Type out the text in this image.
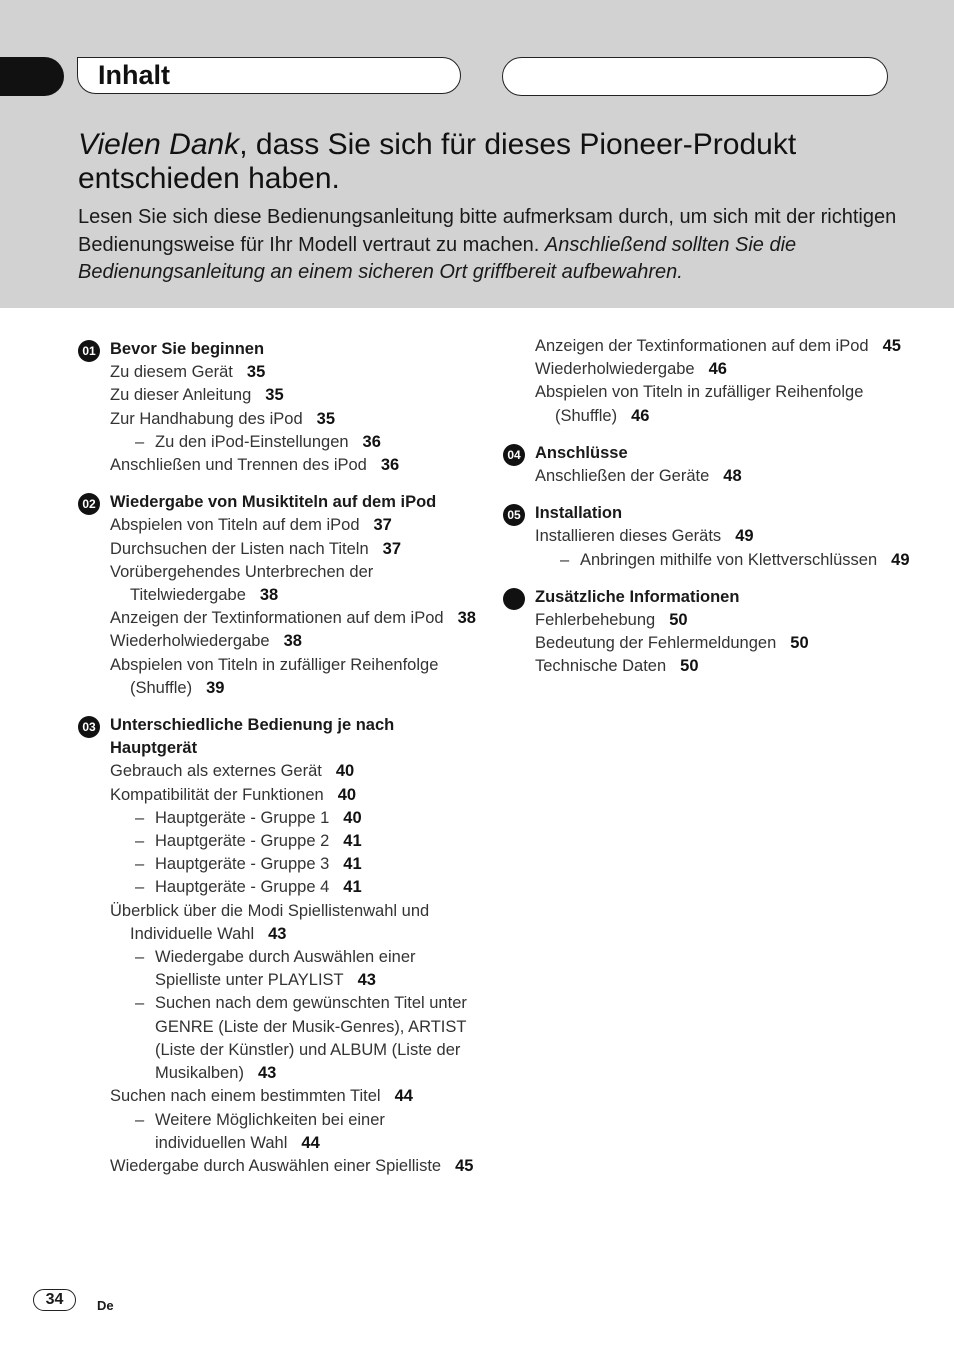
Inhalt
Vielen Dank, dass Sie sich für dieses Pioneer-Produkt entschieden haben.
Lesen Sie sich diese Bedienungsanleitung bitte aufmerksam durch, um sich mit der richtigen Bedienungsweise für Ihr Modell vertraut zu machen. Anschließend sollten Sie die Bedienungsanleitung an einem sicheren Ort griffbereit aufbewahren.
01 Bevor Sie beginnen
Zu diesem Gerät 35
Zu dieser Anleitung 35
Zur Handhabung des iPod 35
– Zu den iPod-Einstellungen 36
Anschließen und Trennen des iPod 36
02 Wiedergabe von Musiktiteln auf dem iPod
Abspielen von Titeln auf dem iPod 37
Durchsuchen der Listen nach Titeln 37
Vorübergehendes Unterbrechen der Titelwiedergabe 38
Anzeigen der Textinformationen auf dem iPod 38
Wiederholwiedergabe 38
Abspielen von Titeln in zufälliger Reihenfolge (Shuffle) 39
03 Unterschiedliche Bedienung je nach Hauptgerät
Gebrauch als externes Gerät 40
Kompatibilität der Funktionen 40
– Hauptgeräte - Gruppe 1 40
– Hauptgeräte - Gruppe 2 41
– Hauptgeräte - Gruppe 3 41
– Hauptgeräte - Gruppe 4 41
Überblick über die Modi Spiellistenwahl und Individuelle Wahl 43
– Wiedergabe durch Auswählen einer Spielliste unter PLAYLIST 43
– Suchen nach dem gewünschten Titel unter GENRE (Liste der Musik-Genres), ARTIST (Liste der Künstler) und ALBUM (Liste der Musikalben) 43
Suchen nach einem bestimmten Titel 44
– Weitere Möglichkeiten bei einer individuellen Wahl 44
Wiedergabe durch Auswählen einer Spielliste 45
Anzeigen der Textinformationen auf dem iPod 45
Wiederholwiedergabe 46
Abspielen von Titeln in zufälliger Reihenfolge (Shuffle) 46
04 Anschlüsse
Anschließen der Geräte 48
05 Installation
Installieren dieses Geräts 49
– Anbringen mithilfe von Klettverschlüssen 49
Zusätzliche Informationen
Fehlerbehebung 50
Bedeutung der Fehlermeldungen 50
Technische Daten 50
34	De
